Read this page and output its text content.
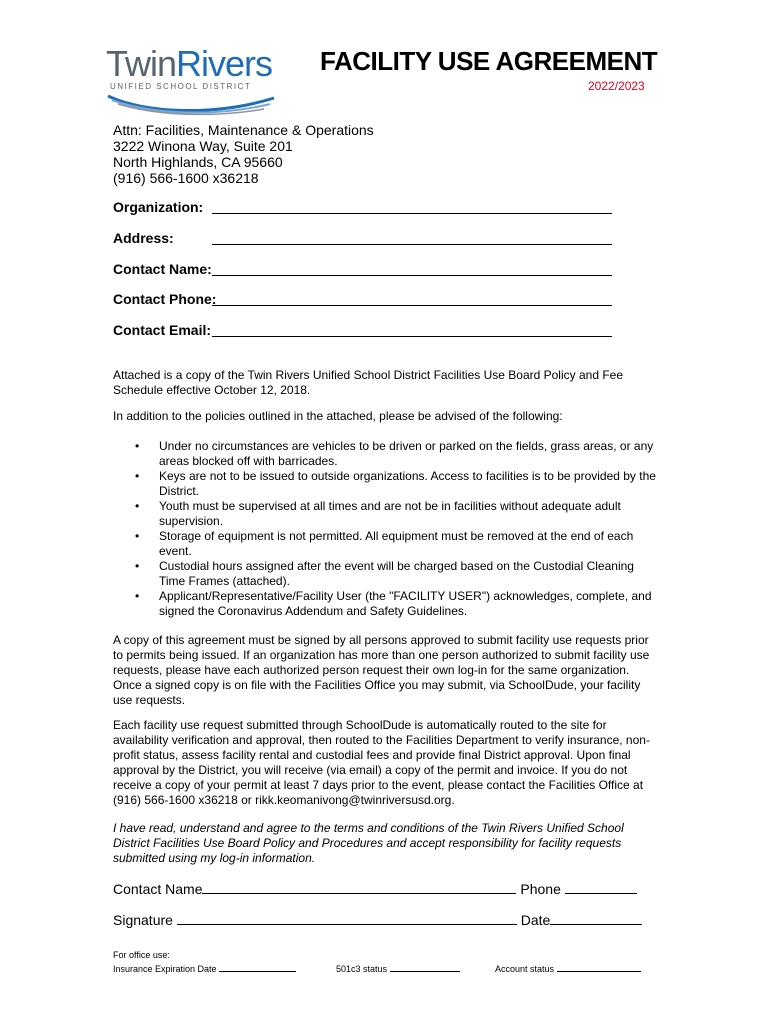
TwinRivers
UNIFIED SCHOOL DISTRICT
FACILITY USE AGREEMENT
2022/2023
Attn: Facilities, Maintenance & Operations
3222 Winona Way, Suite 201
North Highlands, CA 95660
(916) 566-1600 x36218
Organization:
Address:
Contact Name:
Contact Phone:
Contact Email:
Attached is a copy of the Twin Rivers Unified School District Facilities Use Board Policy and Fee Schedule effective October 12, 2018.
In addition to the policies outlined in the attached, please be advised of the following:
• Under no circumstances are vehicles to be driven or parked on the fields, grass areas, or any areas blocked off with barricades.
• Keys are not to be issued to outside organizations. Access to facilities is to be provided by the District.
• Youth must be supervised at all times and are not be in facilities without adequate adult supervision.
• Storage of equipment is not permitted. All equipment must be removed at the end of each event.
• Custodial hours assigned after the event will be charged based on the Custodial Cleaning Time Frames (attached).
• Applicant/Representative/Facility User (the "FACILITY USER") acknowledges, complete, and signed the Coronavirus Addendum and Safety Guidelines.
A copy of this agreement must be signed by all persons approved to submit facility use requests prior to permits being issued. If an organization has more than one person authorized to submit facility use requests, please have each authorized person request their own log-in for the same organization. Once a signed copy is on file with the Facilities Office you may submit, via SchoolDude, your facility use requests.
Each facility use request submitted through SchoolDude is automatically routed to the site for availability verification and approval, then routed to the Facilities Department to verify insurance, non-profit status, assess facility rental and custodial fees and provide final District approval. Upon final approval by the District, you will receive (via email) a copy of the permit and invoice. If you do not receive a copy of your permit at least 7 days prior to the event, please contact the Facilities Office at (916) 566-1600 x36218 or rikk.keomanivong@twinriversusd.org.
I have read, understand and agree to the terms and conditions of the Twin Rivers Unified School District Facilities Use Board Policy and Procedures and accept responsibility for facility requests submitted using my log-in information.
Contact Name	Phone
Signature	Date
For office use:
Insurance Expiration Date	501c3 status	Account status
